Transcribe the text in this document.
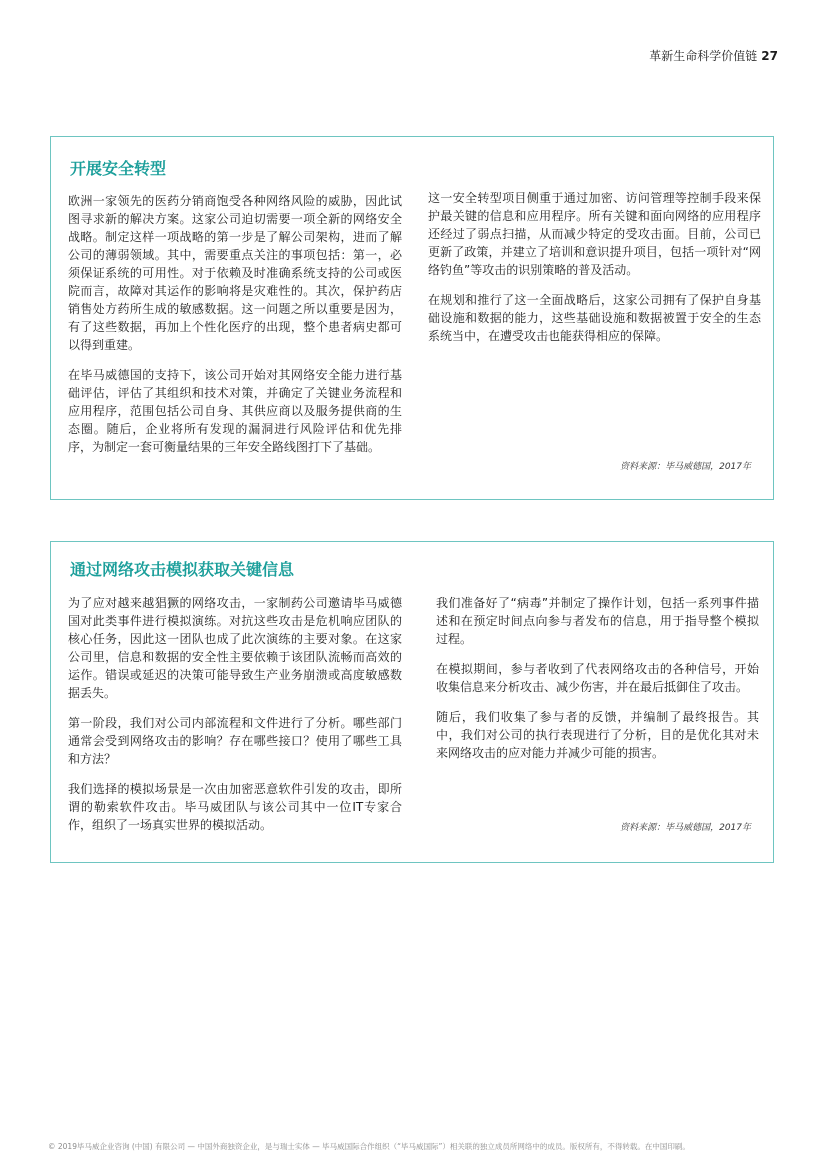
革新生命科学价值链 27
开展安全转型

欧洲一家领先的医药分销商饱受各种网络风险的威胁，因此试图寻求新的解决方案。这家公司迫切需要一项全新的网络安全战略。制定这样一项战略的第一步是了解公司架构，进而了解公司的薄弱领域。其中，需要重点关注的事项包括：第一，必须保证系统的可用性。对于依赖及时准确系统支持的公司或医院而言，故障对其运作的影响将是灾难性的。其次，保护药店销售处方药所生成的敏感数据。这一问题之所以重要是因为，有了这些数据，再加上个性化医疗的出现，整个患者病史都可以得到重建。

在毕马威德国的支持下，该公司开始对其网络安全能力进行基础评估，评估了其组织和技术对策，并确定了关键业务流程和应用程序，范围包括公司自身、其供应商以及服务提供商的生态圈。随后，企业将所有发现的漏洞进行风险评估和优先排序，为制定一套可衡量结果的三年安全路线图打下了基础。

这一安全转型项目侧重于通过加密、访问管理等控制手段来保护最关键的信息和应用程序。所有关键和面向网络的应用程序还经过了弱点扫描，从而减少特定的受攻击面。目前，公司已更新了政策，并建立了培训和意识提升项目，包括一项针对“网络钓鱼”等攻击的识别策略的普及活动。

在规划和推行了这一全面战略后，这家公司拥有了保护自身基础设施和数据的能力，这些基础设施和数据被置于安全的生态系统当中，在遭受攻击也能获得相应的保障。

资料来源：毕马威德国，2017年
通过网络攻击模拟获取关键信息

为了应对越来越猖獗的网络攻击，一家制药公司邀请毕马威德国对此类事件进行模拟演练。对抗这些攻击是危机响应团队的核心任务，因此这一团队也成了此次演练的主要对象。在这家公司里，信息和数据的安全性主要依赖于该团队流畅而高效的运作。错误或延迟的决策可能导致生产业务崩溃或高度敏感数据丢失。

第一阶段，我们对公司内部流程和文件进行了分析。哪些部门通常会受到网络攻击的影响？存在哪些接口？使用了哪些工具和方法？

我们选择的模拟场景是一次由加密恶意软件引发的攻击，即所谓的勒索软件攻击。毕马威团队与该公司其中一位IT专家合作，组织了一场真实世界的模拟活动。

我们准备好了“病毒”并制定了操作计划，包括一系列事件描述和在预定时间点向参与者发布的信息，用于指导整个模拟过程。

在模拟期间，参与者收到了代表网络攻击的各种信号，开始收集信息来分析攻击、减少伤害，并在最后抵御住了攻击。

随后，我们收集了参与者的反馈，并编制了最终报告。其中，我们对公司的执行表现进行了分析，目的是优化其对未来网络攻击的应对能力并减少可能的损害。

资料来源：毕马威德国，2017年
© 2019毕马威企业咨询 (中国) 有限公司 — 中国外商独资企业，是与瑞士实体 — 毕马威国际合作组织（“毕马威国际”）相关联的独立成员所网络中的成员。版权所有，不得转载。在中国印刷。
